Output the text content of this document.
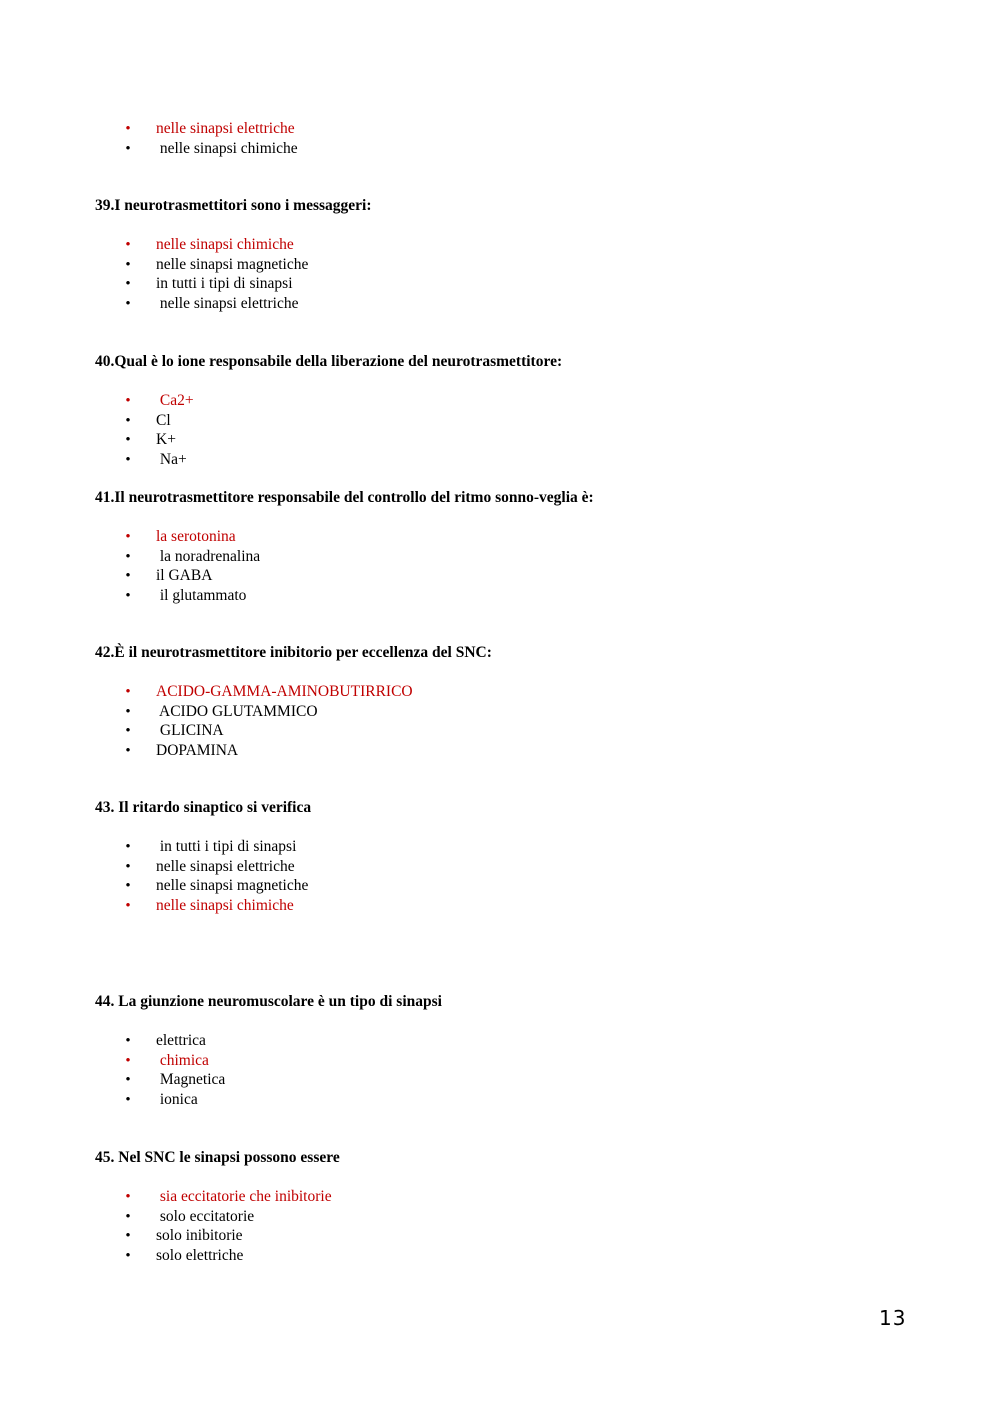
• nelle sinapsi elettriche
• nelle sinapsi chimiche
39.I neurotrasmettitori sono i messaggeri:
• nelle sinapsi chimiche
• nelle sinapsi magnetiche
• in tutti i tipi di sinapsi
• nelle sinapsi elettriche
40.Qual è lo ione responsabile della liberazione del neurotrasmettitore:
• Ca2+
• Cl
• K+
• Na+
41.Il neurotrasmettitore responsabile del controllo del ritmo sonno-veglia è:
• la serotonina
• la noradrenalina
• il GABA
• il glutammato
42.È il neurotrasmettitore inibitorio per eccellenza del SNC:
• ACIDO-GAMMA-AMINOBUTIRRICO
• ACIDO GLUTAMMICO
• GLICINA
• DOPAMINA
43. Il ritardo sinaptico si verifica
• in tutti i tipi di sinapsi
• nelle sinapsi elettriche
• nelle sinapsi magnetiche
• nelle sinapsi chimiche
44. La giunzione neuromuscolare è un tipo di sinapsi
• elettrica
• chimica
• Magnetica
• ionica
45. Nel SNC le sinapsi possono essere
• sia eccitatorie che inibitorie
• solo eccitatorie
• solo inibitorie
• solo elettriche
13
